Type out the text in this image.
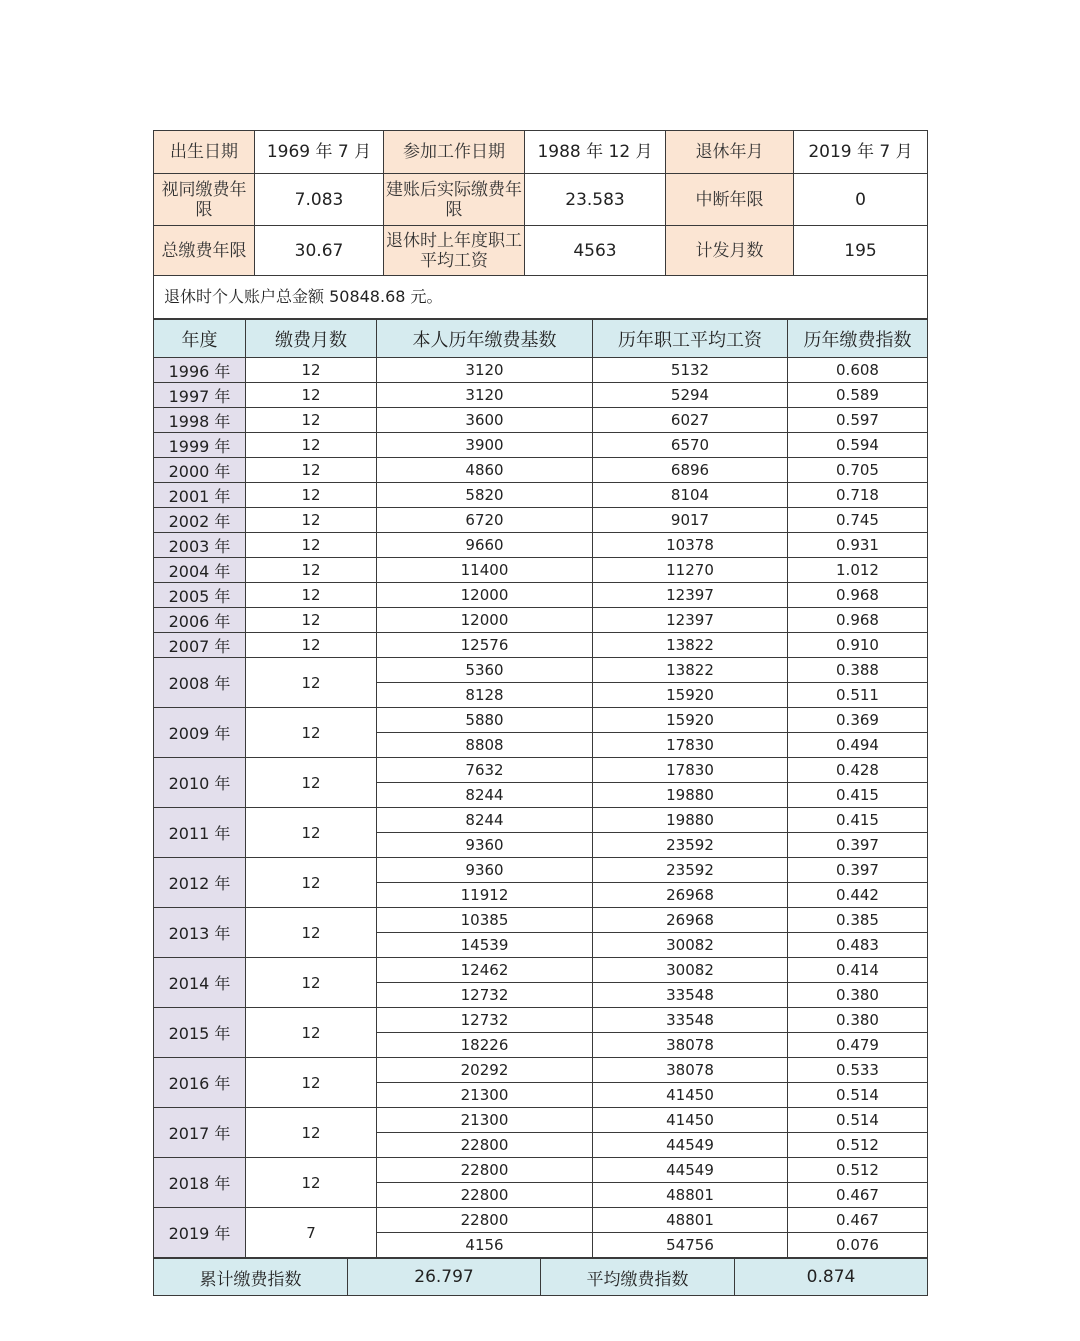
出生日期	1969 年 7 月	参加工作日期	1988 年 12 月	退休年月	2019 年 7 月
视同缴费年限	7.083	建账后实际缴费年限	23.583	中断年限	0
总缴费年限	30.67	退休时上年度职工平均工资	4563	计发月数	195
退休时个人账户总金额 50848.68 元。					
年度	缴费月数	本人历年缴费基数	历年职工平均工资	历年缴费指数
1996 年	12	3120	5132	0.608
1997 年	12	3120	5294	0.589
1998 年	12	3600	6027	0.597
1999 年	12	3900	6570	0.594
2000 年	12	4860	6896	0.705
2001 年	12	5820	8104	0.718
2002 年	12	6720	9017	0.745
2003 年	12	9660	10378	0.931
2004 年	12	11400	11270	1.012
2005 年	12	12000	12397	0.968
2006 年	12	12000	12397	0.968
2007 年	12	12576	13822	0.910
2008 年	12	5360	13822	0.388
		8128	15920	0.511
2009 年	12	5880	15920	0.369
		8808	17830	0.494
2010 年	12	7632	17830	0.428
		8244	19880	0.415
2011 年	12	8244	19880	0.415
		9360	23592	0.397
2012 年	12	9360	23592	0.397
		11912	26968	0.442
2013 年	12	10385	26968	0.385
		14539	30082	0.483
2014 年	12	12462	30082	0.414
		12732	33548	0.380
2015 年	12	12732	33548	0.380
		18226	38078	0.479
2016 年	12	20292	38078	0.533
		21300	41450	0.514
2017 年	12	21300	41450	0.514
		22800	44549	0.512
2018 年	12	22800	44549	0.512
		22800	48801	0.467
2019 年	7	22800	48801	0.467
		4156	54756	0.076
累计缴费指数	26.797	平均缴费指数	0.874
